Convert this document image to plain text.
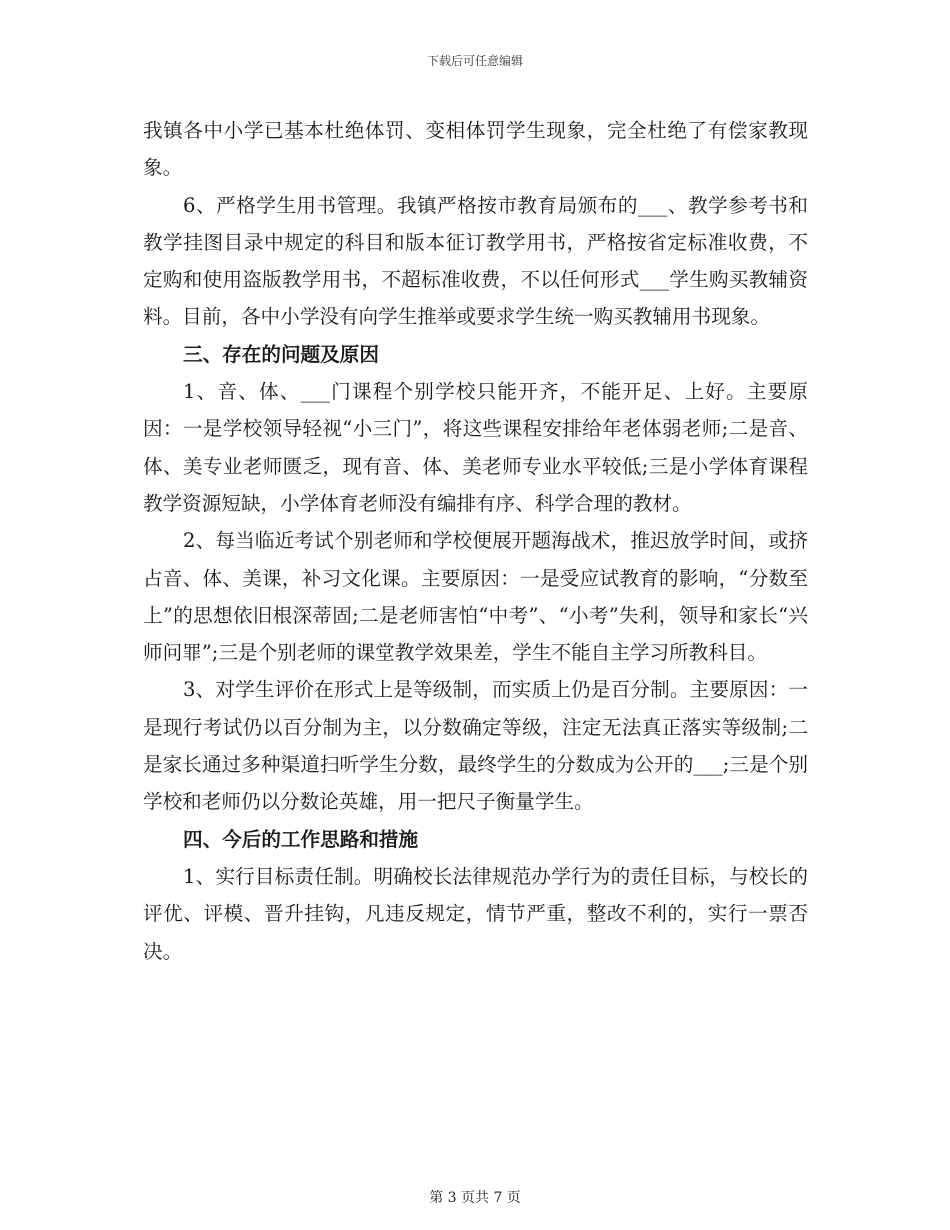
下载后可任意编辑

我镇各中小学已基本杜绝体罚、变相体罚学生现象，完全杜绝了有偿家教现象。

6、严格学生用书管理。我镇严格按市教育局颁布的___、教学参考书和教学挂图目录中规定的科目和版本征订教学用书，严格按省定标准收费，不定购和使用盗版教学用书，不超标准收费，不以任何形式___学生购买教辅资料。目前，各中小学没有向学生推举或要求学生统一购买教辅用书现象。

三、存在的问题及原因

1、音、体、___门课程个别学校只能开齐，不能开足、上好。主要原因：一是学校领导轻视“小三门”，将这些课程安排给年老体弱老师;二是音、体、美专业老师匮乏，现有音、体、美老师专业水平较低;三是小学体育课程教学资源短缺，小学体育老师没有编排有序、科学合理的教材。

2、每当临近考试个别老师和学校便展开题海战术，推迟放学时间，或挤占音、体、美课，补习文化课。主要原因：一是受应试教育的影响，“分数至上”的思想依旧根深蒂固;二是老师害怕“中考”、“小考”失利，领导和家长“兴师问罪”;三是个别老师的课堂教学效果差，学生不能自主学习所教科目。

3、对学生评价在形式上是等级制，而实质上仍是百分制。主要原因：一是现行考试仍以百分制为主，以分数确定等级，注定无法真正落实等级制;二是家长通过多种渠道扫听学生分数，最终学生的分数成为公开的___;三是个别学校和老师仍以分数论英雄，用一把尺子衡量学生。

四、今后的工作思路和措施

1、实行目标责任制。明确校长法律规范办学行为的责任目标，与校长的评优、评模、晋升挂钩，凡违反规定，情节严重，整改不利的，实行一票否决。

第 3 页共 7 页
